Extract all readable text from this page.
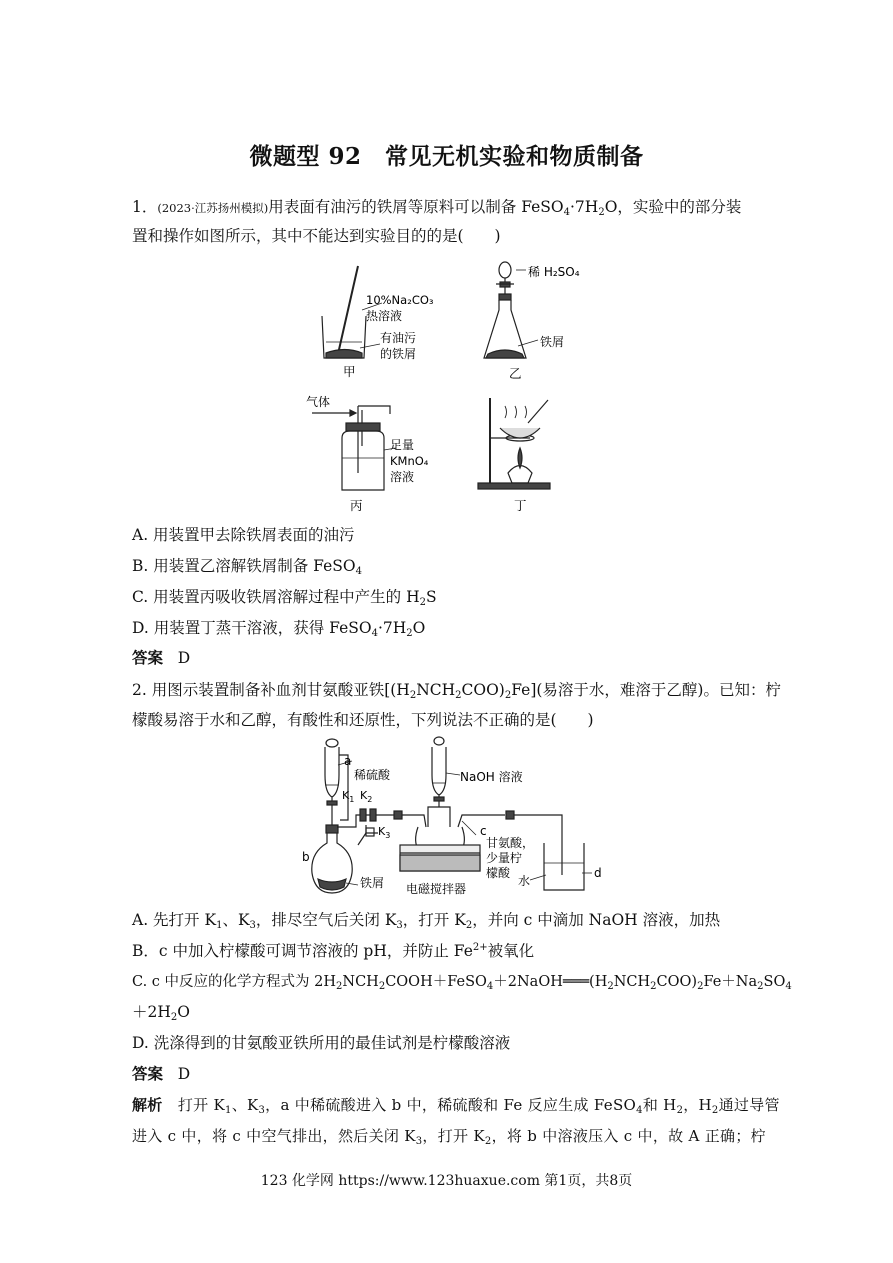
微题型 92　常见无机实验和物质制备
1．(2023·江苏扬州模拟)用表面有油污的铁屑等原料可以制备 $FeSO_4\cdot 7H_2O$，实验中的部分装
置和操作如图所示，其中不能达到实验目的的是(　　)
10%Na₂CO₃
热溶液
有油污
的铁屑
甲
稀 H₂SO₄
铁屑
乙
气体
足量
KMnO₄
溶液
丙	丁
A. 用装置甲去除铁屑表面的油污
B. 用装置乙溶解铁屑制备 FeSO$_4$
C. 用装置丙吸收铁屑溶解过程中产生的 $H_2S$
D. 用装置丁蒸干溶液，获得 $FeSO_4\cdot 7H_2O$
答案 D
2. 用图示装置制备补血剂甘氨酸亚铁$[(H_2NCH_2COO)_2Fe]$(易溶于水，难溶于乙醇)。已知：柠
檬酸易溶于水和乙醇，有酸性和还原性，下列说法不正确的是(　　)
a
稀硫酸
$K_1$ $K_2$
$K_3$
b
铁屑
NaOH 溶液
c
甘氨酸，
少量柠
檬酸
电磁搅拌器
水
d
A. 先打开 $K_1$、$K_3$，排尽空气后关闭 $K_3$，打开 $K_2$，并向 c 中滴加 NaOH 溶液，加热
B．c 中加入柠檬酸可调节溶液的 pH，并防止 $Fe^{2+}$被氧化
C. c 中反应的化学方程式为 $2H_2NCH_2COOH+FeSO_4+2NaOH═══(H_2NCH_2COO)_2Fe+Na_2SO_4$
$+2H_2O$
D. 洗涤得到的甘氨酸亚铁所用的最佳试剂是柠檬酸溶液
答案 D
解析 打开 $K_1$、$K_3$，a 中稀硫酸进入 b 中，稀硫酸和 Fe 反应生成 FeSO$_4$和 $H_2$，$H_2$通过导管
进入 c 中，将 c 中空气排出，然后关闭 $K_3$，打开 $K_2$，将 b 中溶液压入 c 中，故 A 正确；柠
123 化学网 https://www.123huaxue.com 第1页，共8页
